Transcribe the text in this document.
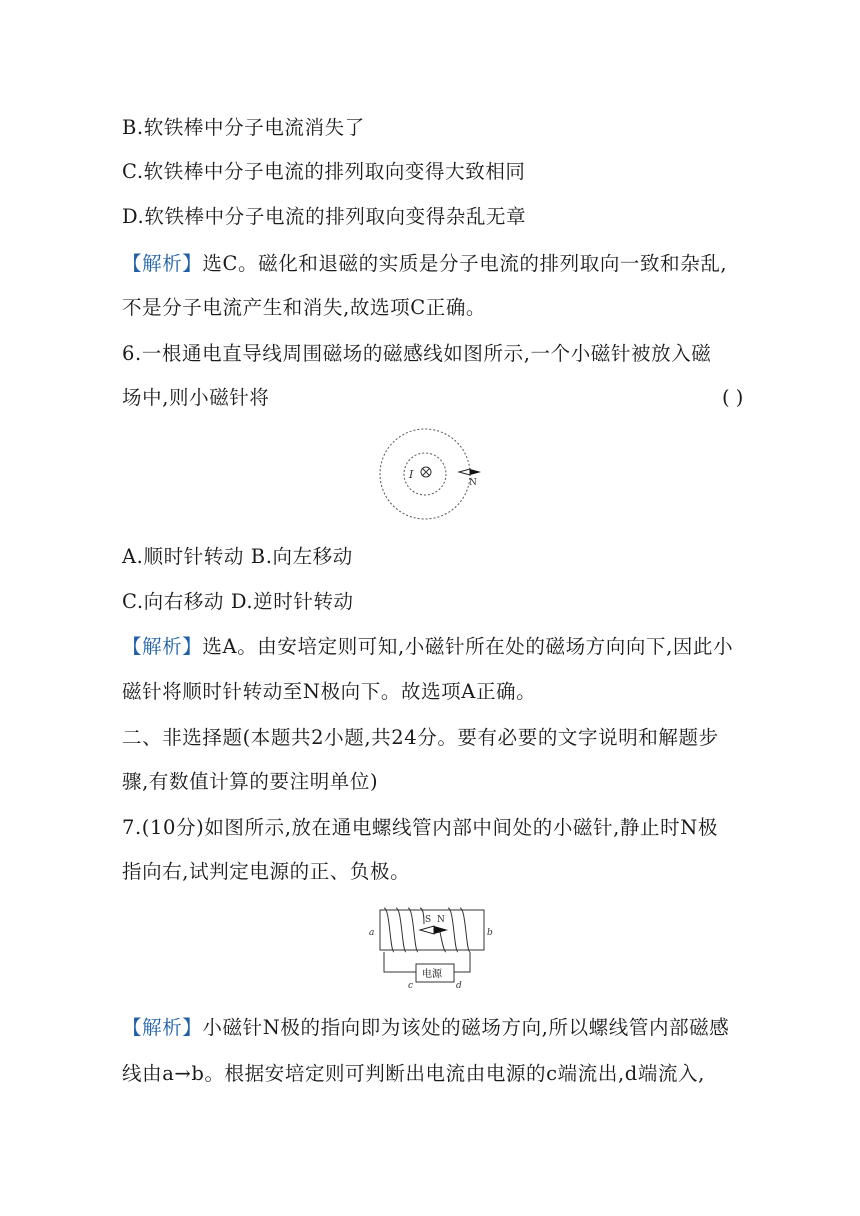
B.软铁棒中分子电流消失了
C.软铁棒中分子电流的排列取向变得大致相同
D.软铁棒中分子电流的排列取向变得杂乱无章
【解析】选C。磁化和退磁的实质是分子电流的排列取向一致和杂乱,
不是分子电流产生和消失,故选项C正确。
6.一根通电直导线周围磁场的磁感线如图所示,一个小磁针被放入磁
场中,则小磁针将	( )
I
N
A.顺时针转动 B.向左移动
C.向右移动 D.逆时针转动
【解析】选A。由安培定则可知,小磁针所在处的磁场方向向下,因此小
磁针将顺时针转动至N极向下。故选项A正确。
二、非选择题(本题共2小题,共24分。要有必要的文字说明和解题步
骤,有数值计算的要注明单位)
7.(10分)如图所示,放在通电螺线管内部中间处的小磁针,静止时N极
指向右,试判定电源的正、负极。
S N
a	b
电源
c	d
【解析】小磁针N极的指向即为该处的磁场方向,所以螺线管内部磁感
线由a→b。根据安培定则可判断出电流由电源的c端流出,d端流入,
